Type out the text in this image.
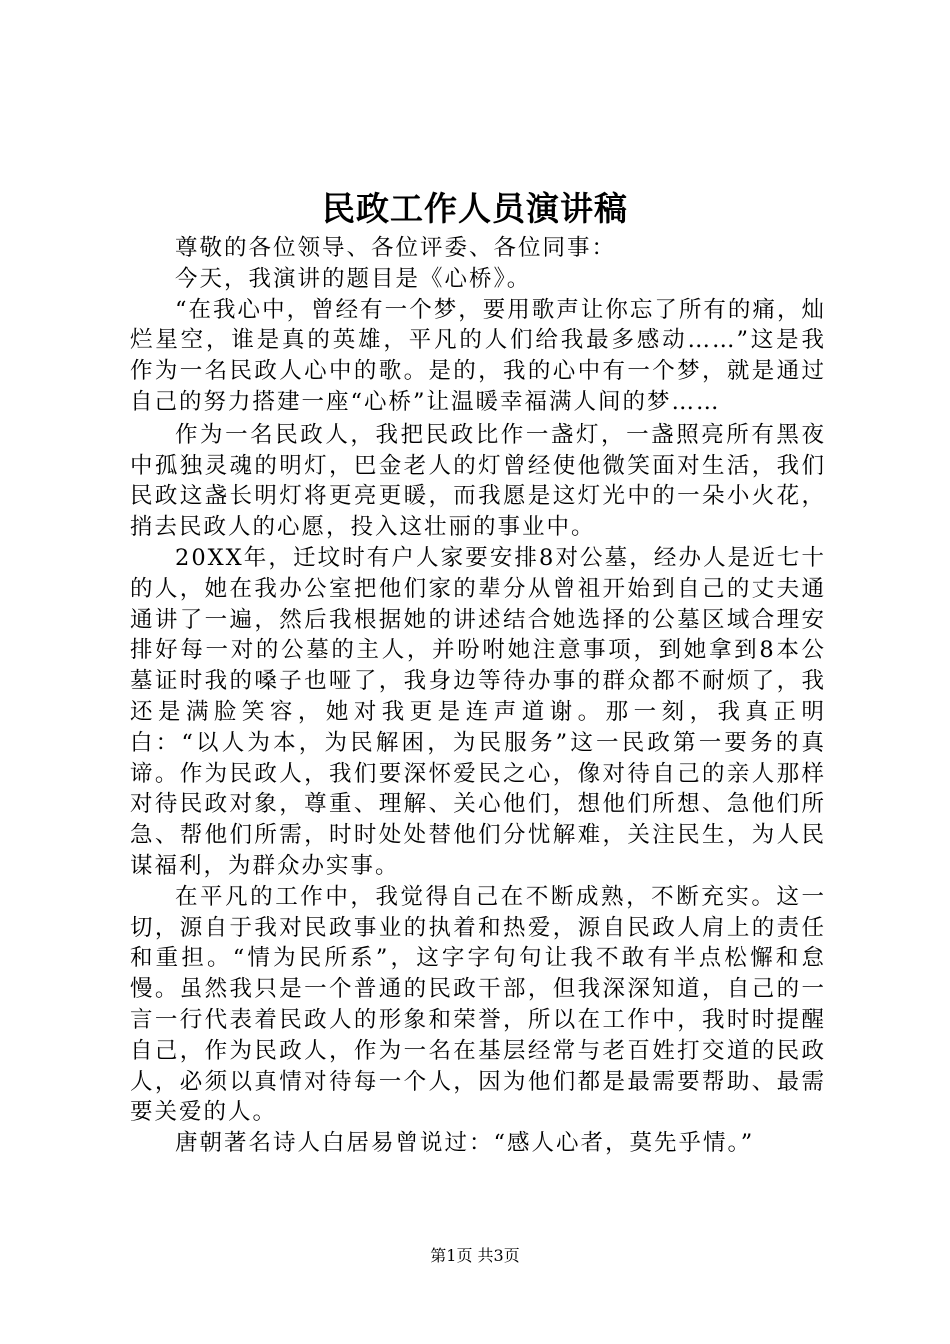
民政工作人员演讲稿

尊敬的各位领导、各位评委、各位同事：

今天，我演讲的题目是《心桥》。

“在我心中，曾经有一个梦，要用歌声让你忘了所有的痛，灿烂星空，谁是真的英雄，平凡的人们给我最多感动……”这是我作为一名民政人心中的歌。是的，我的心中有一个梦，就是通过自己的努力搭建一座“心桥”让温暖幸福满人间的梦……

作为一名民政人，我把民政比作一盏灯，一盏照亮所有黑夜中孤独灵魂的明灯，巴金老人的灯曾经使他微笑面对生活，我们民政这盏长明灯将更亮更暖，而我愿是这灯光中的一朵小火花，捎去民政人的心愿，投入这壮丽的事业中。

20XX年，迁坟时有户人家要安排8对公墓，经办人是近七十的人，她在我办公室把他们家的辈分从曾祖开始到自己的丈夫通通讲了一遍，然后我根据她的讲述结合她选择的公墓区域合理安排好每一对的公墓的主人，并吩咐她注意事项，到她拿到8本公墓证时我的嗓子也哑了，我身边等待办事的群众都不耐烦了，我还是满脸笑容，她对我更是连声道谢。那一刻，我真正明白：“以人为本，为民解困，为民服务”这一民政第一要务的真谛。作为民政人，我们要深怀爱民之心，像对待自己的亲人那样对待民政对象，尊重、理解、关心他们，想他们所想、急他们所急、帮他们所需，时时处处替他们分忧解难，关注民生，为人民谋福利，为群众办实事。

在平凡的工作中，我觉得自己在不断成熟，不断充实。这一切，源自于我对民政事业的执着和热爱，源自民政人肩上的责任和重担。“情为民所系”，这字字句句让我不敢有半点松懈和怠慢。虽然我只是一个普通的民政干部，但我深深知道，自己的一言一行代表着民政人的形象和荣誉，所以在工作中，我时时提醒自己，作为民政人，作为一名在基层经常与老百姓打交道的民政人，必须以真情对待每一个人，因为他们都是最需要帮助、最需要关爱的人。

唐朝著名诗人白居易曾说过：“感人心者，莫先乎情。”

第1页 共3页
